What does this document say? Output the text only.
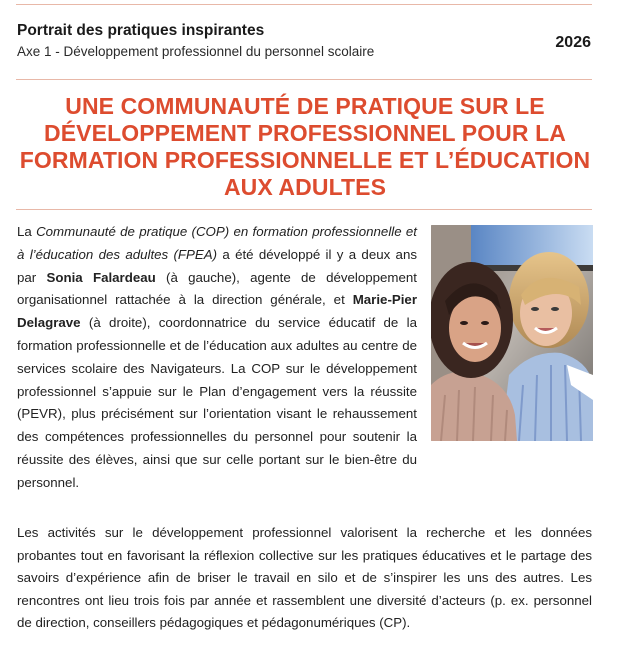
Portrait des pratiques inspirantes
Axe 1 - Développement professionnel du personnel scolaire
2026
UNE COMMUNAUTÉ DE PRATIQUE SUR LE DÉVELOPPEMENT PROFESSIONNEL POUR LA FORMATION PROFESSIONNELLE ET L’ÉDUCATION AUX ADULTES

La Communauté de pratique (COP) en formation professionnelle et à l’éducation des adultes (FPEA) a été développé il y a deux ans par Sonia Falardeau (à gauche), agente de développement organisationnel rattachée à la direction générale, et Marie-Pier Delagrave (à droite), coordonnatrice du service éducatif de la formation professionnelle et de l’éducation aux adultes au centre de services scolaire des Navigateurs. La COP sur le développement professionnel s’appuie sur le Plan d’engagement vers la réussite (PEVR), plus précisément sur l’orientation visant le rehaussement des compétences professionnelles du personnel pour soutenir la réussite des élèves, ainsi que sur celle portant sur le bien-être du personnel.

Les activités sur le développement professionnel valorisent la recherche et les données probantes tout en favorisant la réflexion collective sur les pratiques éducatives et le partage des savoirs d’expérience afin de briser le travail en silo et de s’inspirer les uns des autres. Les rencontres ont lieu trois fois par année et rassemblent une diversité d’acteurs (p. ex. personnel de direction, conseillers pédagogiques et pédagonumériques (CP).
